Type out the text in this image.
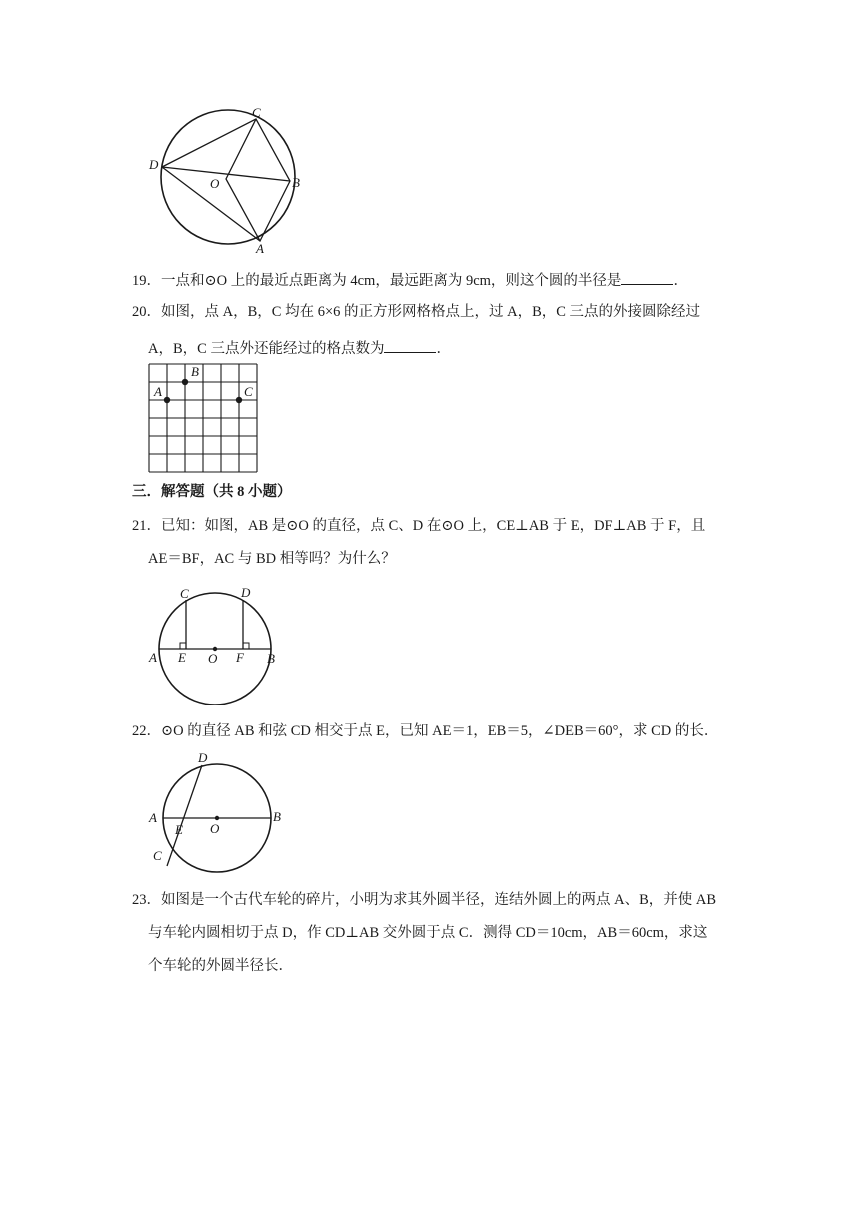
C
D
O	B
A
19．一点和⊙O 上的最近点距离为 4cm，最远距离为 9cm，则这个圆的半径是	．
20．如图，点 A，B，C 均在 6×6 的正方形网格格点上，过 A，B，C 三点的外接圆除经过
A，B，C 三点外还能经过的格点数为	．
A
B
C
三．解答题（共 8 小题）
21．已知：如图，AB 是⊙O 的直径，点 C、D 在⊙O 上，CE⊥AB 于 E，DF⊥AB 于 F，且
AE＝BF，AC 与 BD 相等吗？为什么？
C	D
A E O F B
22．⊙O 的直径 AB 和弦 CD 相交于点 E，已知 AE＝1，EB＝5，∠DEB＝60°，求 CD 的长．
D
A
E O
B
C
23．如图是一个古代车轮的碎片，小明为求其外圆半径，连结外圆上的两点 A、B，并使 AB
与车轮内圆相切于点 D，作 CD⊥AB 交外圆于点 C．测得 CD＝10cm，AB＝60cm，求这
个车轮的外圆半径长．
